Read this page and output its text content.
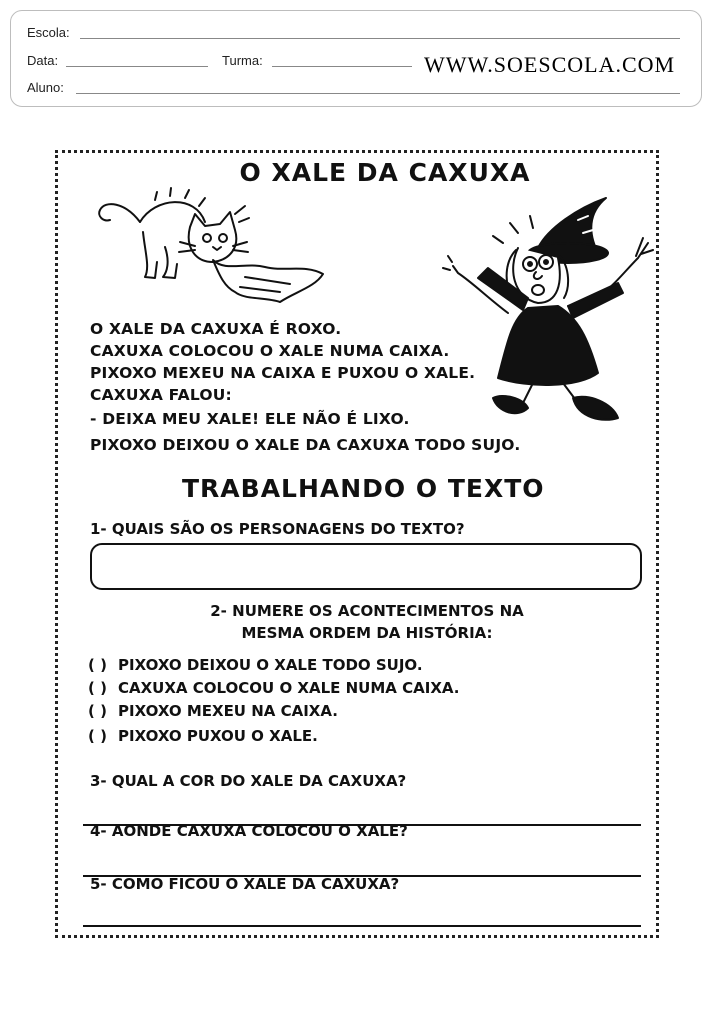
Escola:
Data:	Turma:	WWW.SOESCOLA.COM
Aluno:
O XALE DA CAXUXA
O XALE DA CAXUXA É ROXO.
CAXUXA COLOCOU O XALE NUMA CAIXA.
PIXOXO MEXEU NA CAIXA E PUXOU O XALE.
CAXUXA FALOU:
- DEIXA MEU XALE! ELE NÃO É LIXO.
PIXOXO DEIXOU O XALE DA CAXUXA TODO SUJO.
TRABALHANDO O TEXTO
1- QUAIS SÃO OS PERSONAGENS DO TEXTO?
2- NUMERE OS ACONTECIMENTOS NA
MESMA ORDEM DA HISTÓRIA:
( ) PIXOXO DEIXOU O XALE TODO SUJO.
( ) CAXUXA COLOCOU O XALE NUMA CAIXA.
( ) PIXOXO MEXEU NA CAIXA.
( ) PIXOXO PUXOU O XALE.
3- QUAL A COR DO XALE DA CAXUXA?
4- AONDE CAXUXA COLOCOU O XALE?
5- COMO FICOU O XALE DA CAXUXA?
